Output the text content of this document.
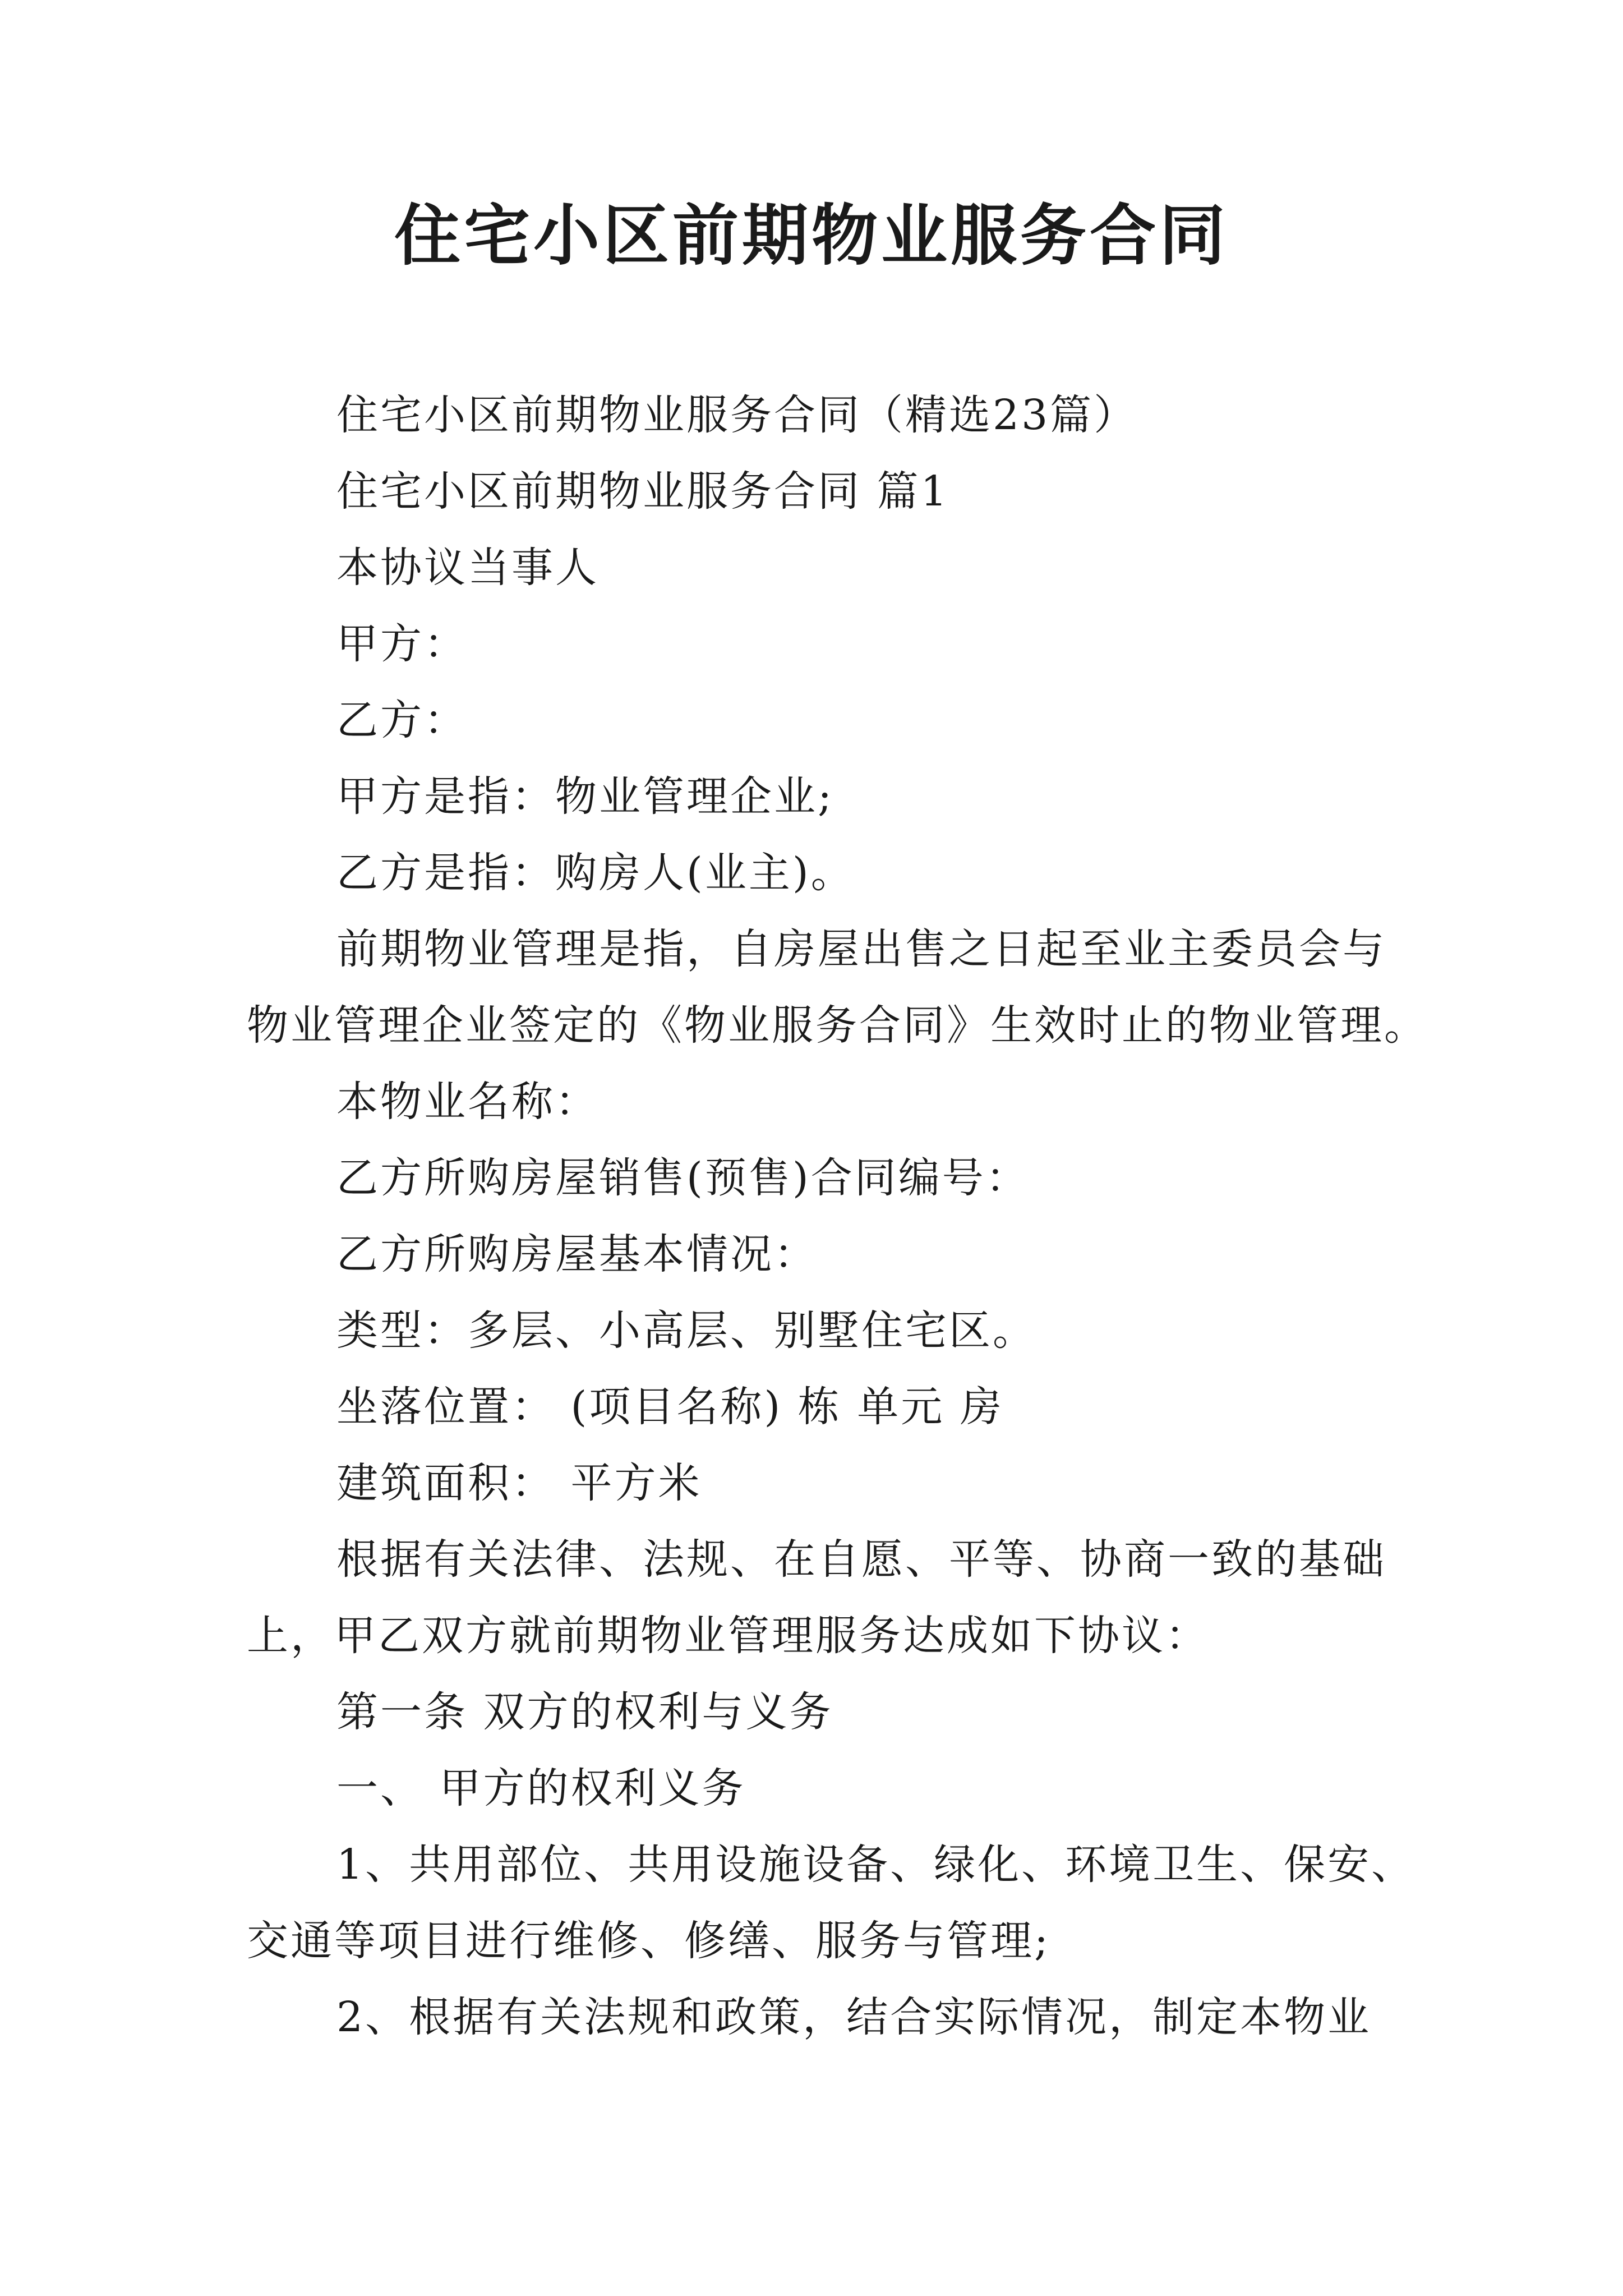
住宅小区前期物业服务合同

住宅小区前期物业服务合同（精选23篇）

住宅小区前期物业服务合同 篇1

本协议当事人

甲方：

乙方：

甲方是指：物业管理企业;

乙方是指：购房人(业主)。

前期物业管理是指，自房屋出售之日起至业主委员会与

物业管理企业签定的《物业服务合同》生效时止的物业管理。

本物业名称：

乙方所购房屋销售(预售)合同编号：

乙方所购房屋基本情况：

类型：多层、小高层、别墅住宅区。

坐落位置： (项目名称) 栋 单元 房

建筑面积： 平方米

根据有关法律、法规、在自愿、平等、协商一致的基础

上，甲乙双方就前期物业管理服务达成如下协议：

第一条 双方的权利与义务

一、 甲方的权利义务

1、共用部位、共用设施设备、绿化、环境卫生、保安、

交通等项目进行维修、修缮、服务与管理;

2、根据有关法规和政策，结合实际情况，制定本物业
